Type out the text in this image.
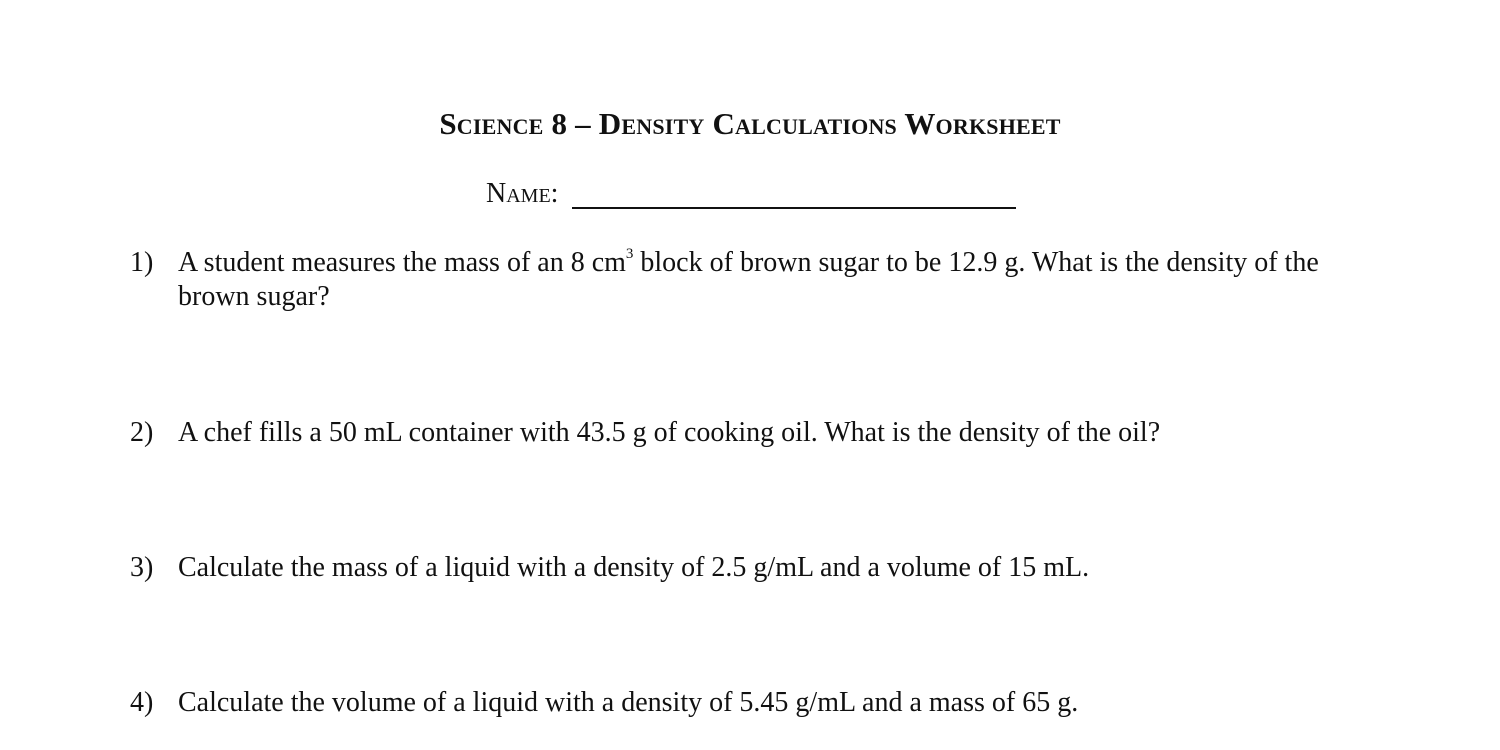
Science 8 – Density Calculations Worksheet
Name:
1) A student measures the mass of an 8 $cm^3$ block of brown sugar to be 12.9 g. What is the density of the brown sugar?
2) A chef fills a 50 mL container with 43.5 g of cooking oil. What is the density of the oil?
3) Calculate the mass of a liquid with a density of 2.5 g/mL and a volume of 15 mL.
4) Calculate the volume of a liquid with a density of 5.45 g/mL and a mass of 65 g.
